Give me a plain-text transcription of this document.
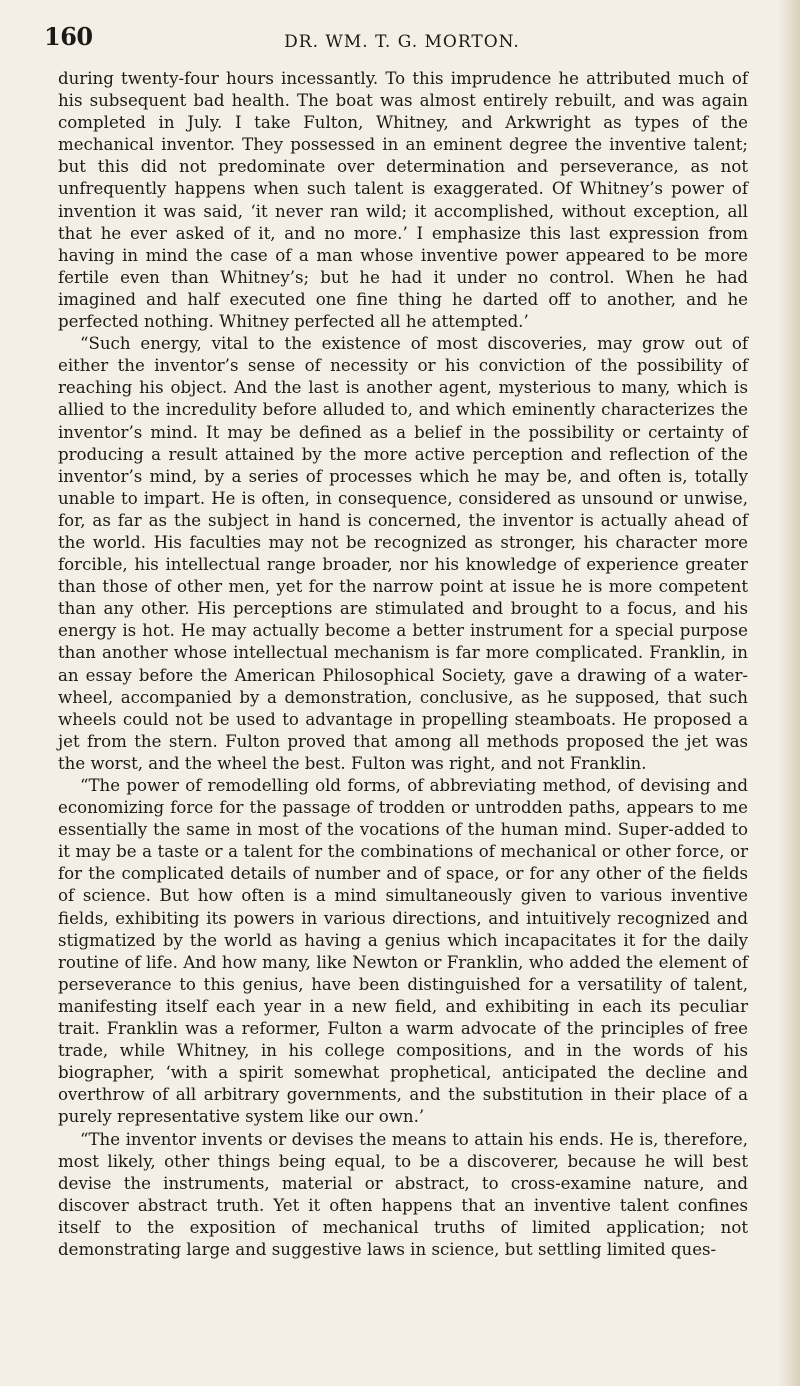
160	DR. WM. T. G. MORTON.

during twenty-four hours incessantly. To this imprudence he attributed much of his subsequent bad health. The boat was almost entirely rebuilt, and was again completed in July. I take Fulton, Whitney, and Arkwright as types of the mechanical inventor. They possessed in an eminent degree the inventive talent; but this did not predominate over determination and perseverance, as not unfrequently happens when such talent is exaggerated. Of Whitney’s power of invention it was said, ‘it never ran wild; it accomplished, without exception, all that he ever asked of it, and no more.’ I emphasize this last expression from having in mind the case of a man whose inventive power appeared to be more fertile even than Whitney’s; but he had it under no control. When he had imagined and half executed one fine thing he darted off to another, and he perfected nothing. Whitney perfected all he attempted.’

“Such energy, vital to the existence of most discoveries, may grow out of either the inventor’s sense of necessity or his conviction of the possibility of reaching his object. And the last is another agent, mysterious to many, which is allied to the incredulity before alluded to, and which eminently characterizes the inventor’s mind. It may be defined as a belief in the possibility or certainty of producing a result attained by the more active perception and reflection of the inventor’s mind, by a series of processes which he may be, and often is, totally unable to impart. He is often, in consequence, considered as unsound or unwise, for, as far as the subject in hand is concerned, the inventor is actually ahead of the world. His faculties may not be recognized as stronger, his character more forcible, his intellectual range broader, nor his knowledge of experience greater than those of other men, yet for the narrow point at issue he is more competent than any other. His perceptions are stimulated and brought to a focus, and his energy is hot. He may actually become a better instrument for a special purpose than another whose intellectual mechanism is far more complicated. Franklin, in an essay before the American Philosophical Society, gave a drawing of a water-wheel, accompanied by a demonstration, conclusive, as he supposed, that such wheels could not be used to advantage in propelling steamboats. He proposed a jet from the stern. Fulton proved that among all methods proposed the jet was the worst, and the wheel the best. Fulton was right, and not Franklin.

“The power of remodelling old forms, of abbreviating method, of devising and economizing force for the passage of trodden or untrodden paths, appears to me essentially the same in most of the vocations of the human mind. Super-added to it may be a taste or a talent for the combinations of mechanical or other force, or for the complicated details of number and of space, or for any other of the fields of science. But how often is a mind simultaneously given to various inventive fields, exhibiting its powers in various directions, and intuitively recognized and stigmatized by the world as having a genius which incapacitates it for the daily routine of life. And how many, like Newton or Franklin, who added the element of perseverance to this genius, have been distinguished for a versatility of talent, manifesting itself each year in a new field, and exhibiting in each its peculiar trait. Franklin was a reformer, Fulton a warm advocate of the principles of free trade, while Whitney, in his college compositions, and in the words of his biographer, ‘with a spirit somewhat prophetical, anticipated the decline and overthrow of all arbitrary governments, and the substitution in their place of a purely representative system like our own.’

“The inventor invents or devises the means to attain his ends. He is, therefore, most likely, other things being equal, to be a discoverer, because he will best devise the instruments, material or abstract, to cross-examine nature, and discover abstract truth. Yet it often happens that an inventive talent confines itself to the exposition of mechanical truths of limited application; not demonstrating large and suggestive laws in science, but settling limited ques-
